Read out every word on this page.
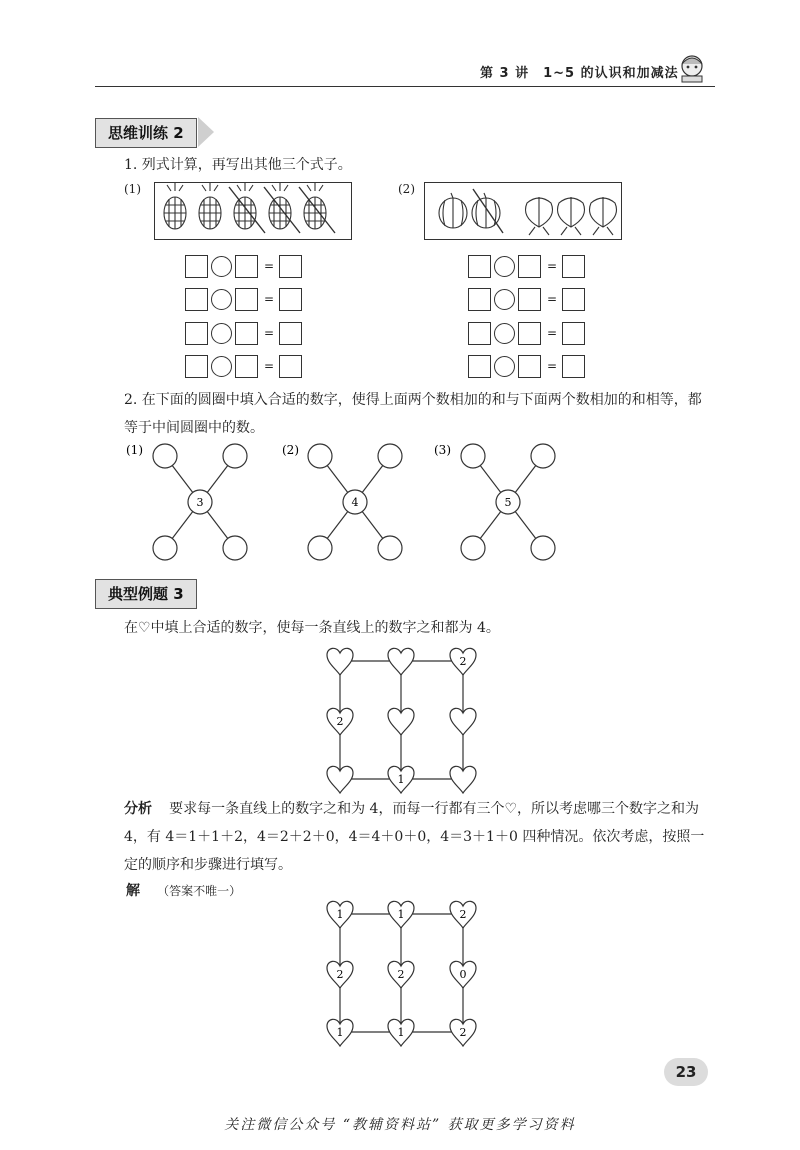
第 3 讲　1~5 的认识和加减法
思维训练 2
1. 列式计算，再写出其他三个式子。
(1)	(2)
=
=
=
=
=
=
=
=
2. 在下面的圆圈中填入合适的数字，使得上面两个数相加的和与下面两个数相加的和相等，都等于中间圆圈中的数。
(1)	(2)	(3)
3	4	5
典型例题 3
在♡中填上合适的数字，使每一条直线上的数字之和都为 4。
2
2
1
分析 要求每一条直线上的数字之和为 4，而每一行都有三个♡，所以考虑哪三个数字之和为 4，有 4＝1＋1＋2，4＝2＋2＋0，4＝4＋0＋0，4＝3＋1＋0 四种情况。依次考虑，按照一定的顺序和步骤进行填写。
解 （答案不唯一）
1	1	2
2	2	0
1	1	2
23
关注微信公众号 “教辅资料站” 获取更多学习资料
